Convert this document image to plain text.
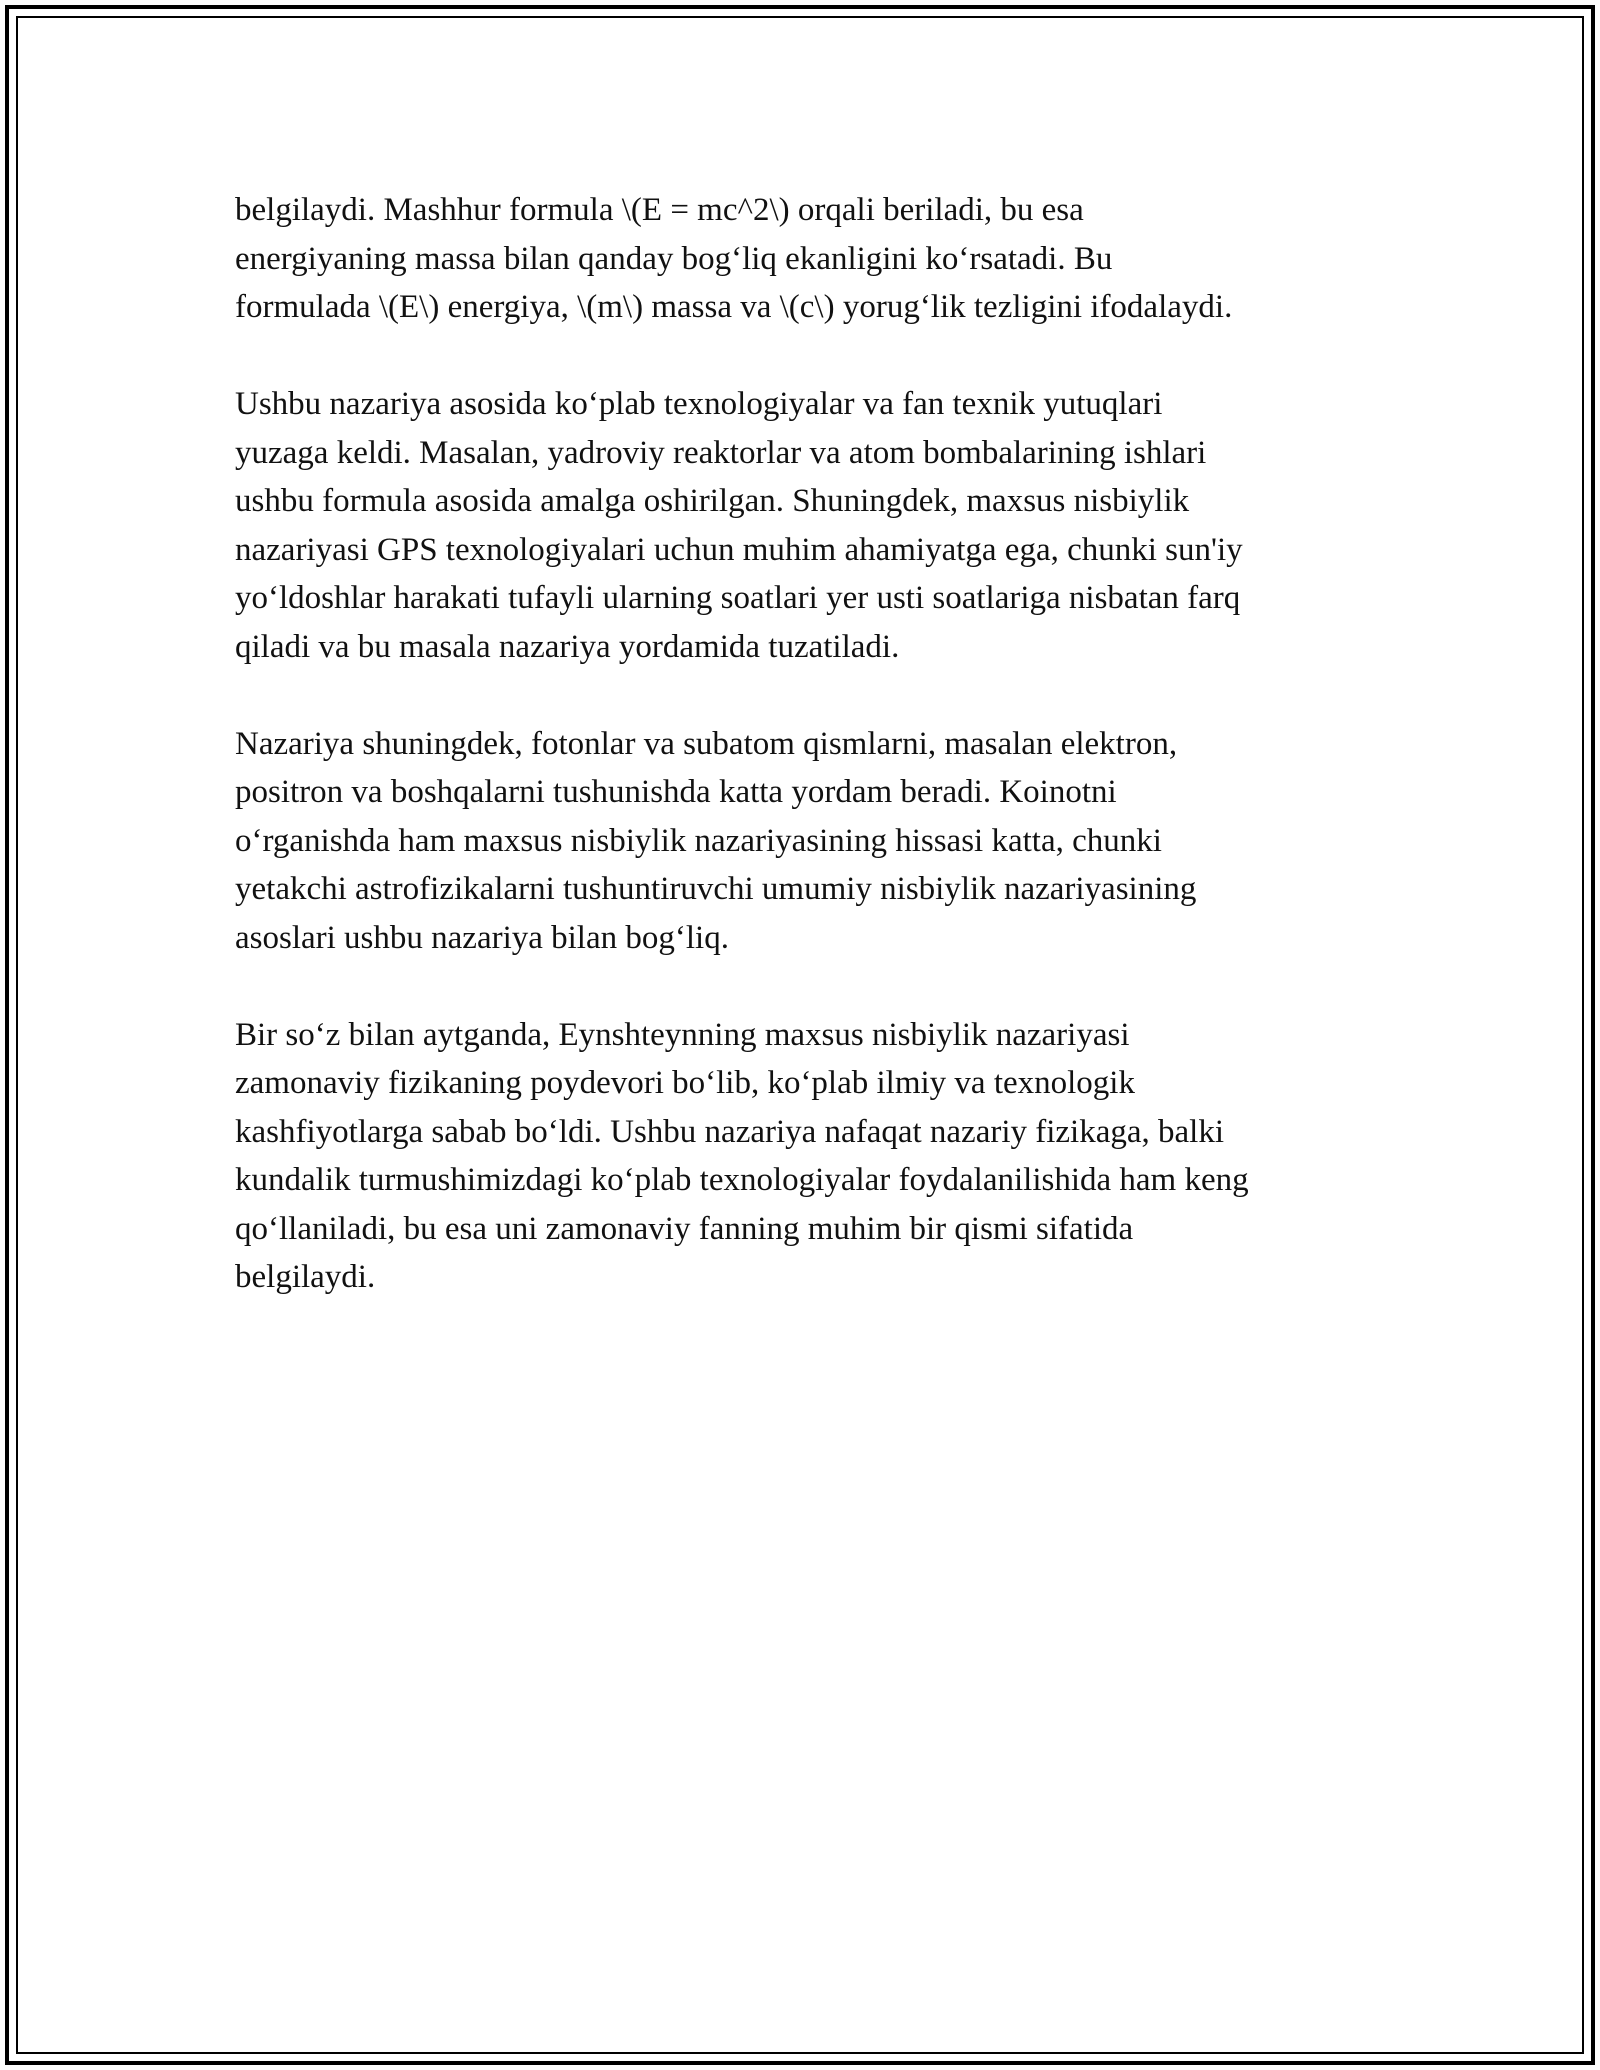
belgilaydi. Mashhur formula \(E = mc^2\) orqali beriladi, bu esa
energiyaning massa bilan qanday bogʻliq ekanligini koʻrsatadi. Bu
formulada \(E\) energiya, \(m\) massa va \(c\) yorugʻlik tezligini ifodalaydi.

Ushbu nazariya asosida koʻplab texnologiyalar va fan texnik yutuqlari
yuzaga keldi. Masalan, yadroviy reaktorlar va atom bombalarining ishlari
ushbu formula asosida amalga oshirilgan. Shuningdek, maxsus nisbiylik
nazariyasi GPS texnologiyalari uchun muhim ahamiyatga ega, chunki sun'iy
yoʻldoshlar harakati tufayli ularning soatlari yer usti soatlariga nisbatan farq
qiladi va bu masala nazariya yordamida tuzatiladi.

Nazariya shuningdek, fotonlar va subatom qismlarni, masalan elektron,
positron va boshqalarni tushunishda katta yordam beradi. Koinotni
oʻrganishda ham maxsus nisbiylik nazariyasining hissasi katta, chunki
yetakchi astrofizikalarni tushuntiruvchi umumiy nisbiylik nazariyasining
asoslari ushbu nazariya bilan bogʻliq.

Bir soʻz bilan aytganda, Eynshteynning maxsus nisbiylik nazariyasi
zamonaviy fizikaning poydevori boʻlib, koʻplab ilmiy va texnologik
kashfiyotlarga sabab boʻldi. Ushbu nazariya nafaqat nazariy fizikaga, balki
kundalik turmushimizdagi koʻplab texnologiyalar foydalanilishida ham keng
qoʻllaniladi, bu esa uni zamonaviy fanning muhim bir qismi sifatida
belgilaydi.
